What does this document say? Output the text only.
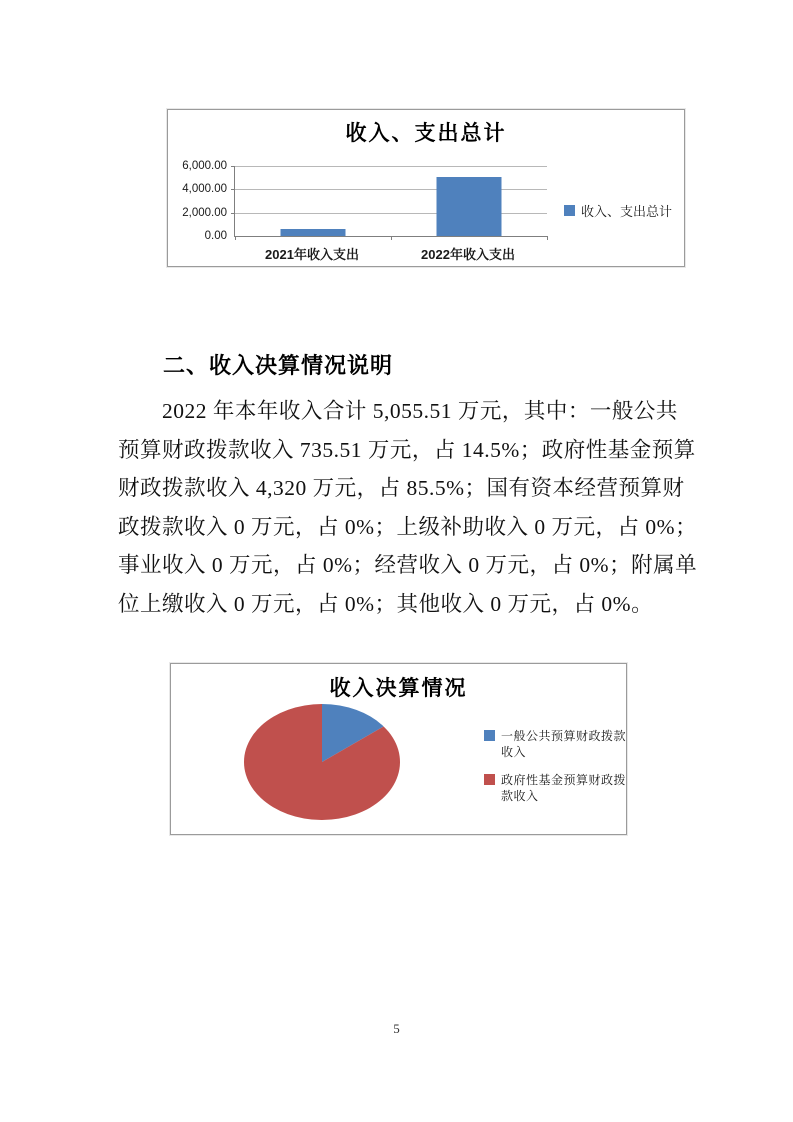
收入、支出总计
6,000.00
4,000.00
2,000.00
0.00
2021年收入支出	2022年收入支出
收入、支出总计
二、收入决算情况说明
2022 年本年收入合计 5,055.51 万元，其中：一般公共
预算财政拨款收入 735.51 万元，占 14.5%；政府性基金预算
财政拨款收入 4,320 万元，占 85.5%；国有资本经营预算财
政拨款收入 0 万元，占 0%；上级补助收入 0 万元，占 0%；
事业收入 0 万元，占 0%；经营收入 0 万元，占 0%；附属单
位上缴收入 0 万元，占 0%；其他收入 0 万元，占 0%。
收入决算情况
一般公共预算财政拨款收入
政府性基金预算财政拨款收入
5
